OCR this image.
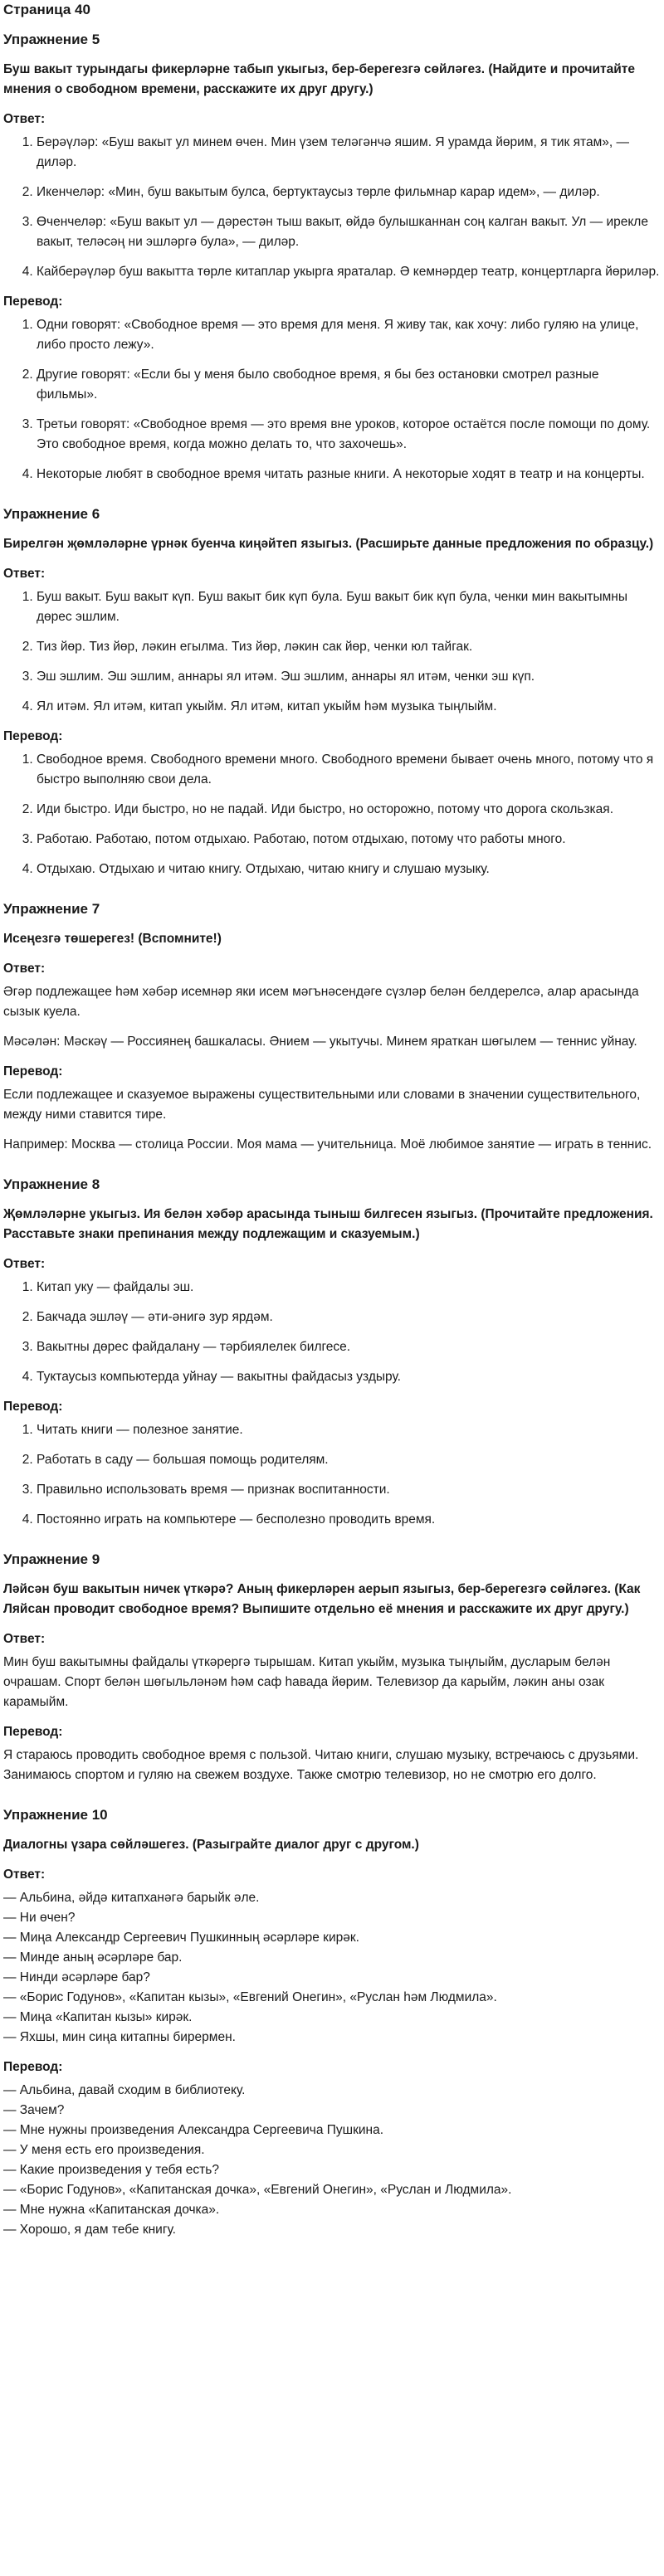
Страница 40
Упражнение 5
Буш вакыт турындагы фикерләрне табып укыгыз, бер-берегезгә сөйләгез. (Найдите и прочитайте мнения о свободном времени, расскажите их друг другу.)
Ответ:
1. Берәүләр: «Буш вакыт ул минем өчен. Мин үзем теләгәнчә яшим. Я урамда йөрим, я тик ятам», — диләр.
2. Икенчеләр: «Мин, буш вакытым булса, бертуктаусыз төрле фильмнар карар идем», — диләр.
3. Өченчеләр: «Буш вакыт ул — дәрестән тыш вакыт, өйдә булышканнан соң калган вакыт. Ул — ирекле вакыт, теләсәң ни эшләргә була», — диләр.
4. Кайберәүләр буш вакытта төрле китаплар укырга яраталар. Ә кемнәрдер театр, концертларга йөриләр.
Перевод:
1. Одни говорят: «Свободное время — это время для меня. Я живу так, как хочу: либо гуляю на улице, либо просто лежу».
2. Другие говорят: «Если бы у меня было свободное время, я бы без остановки смотрел разные фильмы».
3. Третьи говорят: «Свободное время — это время вне уроков, которое остаётся после помощи по дому. Это свободное время, когда можно делать то, что захочешь».
4. Некоторые любят в свободное время читать разные книги. А некоторые ходят в театр и на концерты.
Упражнение 6
Бирелгән җөмләләрне үрнәк буенча киңәйтеп языгыз. (Расширьте данные предложения по образцу.)
Ответ:
1. Буш вакыт. Буш вакыт күп. Буш вакыт бик күп була. Буш вакыт бик күп була, ченки мин вакытымны дөрес эшлим.
2. Тиз йөр. Тиз йөр, ләкин егылма. Тиз йөр, ләкин сак йөр, ченки юл тайгак.
3. Эш эшлим. Эш эшлим, аннары ял итәм. Эш эшлим, аннары ял итәм, ченки эш күп.
4. Ял итәм. Ял итәм, китап укыйм. Ял итәм, китап укыйм һәм музыка тыңлыйм.
Перевод:
1. Свободное время. Свободного времени много. Свободного времени бывает очень много, потому что я быстро выполняю свои дела.
2. Иди быстро. Иди быстро, но не падай. Иди быстро, но осторожно, потому что дорога скользкая.
3. Работаю. Работаю, потом отдыхаю. Работаю, потом отдыхаю, потому что работы много.
4. Отдыхаю. Отдыхаю и читаю книгу. Отдыхаю, читаю книгу и слушаю музыку.
Упражнение 7
Исеңезгә төшерегез! (Вспомните!)
Ответ:

Әгәр подлежащее һәм хәбәр исемнәр яки исем мәгънәсендәге сүзләр белән белдерелсә, алар арасында сызык куела.

Мәсәлән: Мәскәү — Россиянең башкаласы. Әнием — укытучы. Минем яраткан шөгылем — теннис уйнау.

Перевод:

Если подлежащее и сказуемое выражены существительными или словами в значении существительного, между ними ставится тире.

Например: Москва — столица России. Моя мама — учительница. Моё любимое занятие — играть в теннис.

Упражнение 8
Җөмләләрне укыгыз. Ия белән хәбәр арасында тыныш билгесен языгыз. (Прочитайте предложения. Расставьте знаки препинания между подлежащим и сказуемым.)
Ответ:
1. Китап уку — файдалы эш.
2. Бакчада эшләү — әти-әнигә зур ярдәм.
3. Вакытны дөрес файдалану — тәрбиялелек билгесе.
4. Туктаусыз компьютерда уйнау — вакытны файдасыз уздыру.
Перевод:
1. Читать книги — полезное занятие.
2. Работать в саду — большая помощь родителям.
3. Правильно использовать время — признак воспитанности.
4. Постоянно играть на компьютере — бесполезно проводить время.
Упражнение 9
Ләйсән буш вакытын ничек үткәрә? Аның фикерләрен аерып языгыз, бер-берегезгә сөйләгез. (Как Ляйсан проводит свободное время? Выпишите отдельно её мнения и расскажите их друг другу.)
Ответ:

Мин буш вакытымны файдалы үткәрергә тырышам. Китап укыйм, музыка тыңлыйм, дусларым белән очрашам. Спорт белән шөгыльләнәм һәм саф һавада йөрим. Телевизор да карыйм, ләкин аны озак карамыйм.

Перевод:

Я стараюсь проводить свободное время с пользой. Читаю книги, слушаю музыку, встречаюсь с друзьями. Занимаюсь спортом и гуляю на свежем воздухе. Также смотрю телевизор, но не смотрю его долго.

Упражнение 10
Диалогны үзара сөйләшегез. (Разыграйте диалог друг с другом.)
Ответ:
— Альбина, әйдә китапханәгә барыйк әле.
— Ни өчен?
— Миңа Александр Сергеевич Пушкинның әсәрләре кирәк.
— Минде аның әсәрләре бар.
— Нинди әсәрләре бар?
— «Борис Годунов», «Капитан кызы», «Евгений Онегин», «Руслан һәм Людмила».
— Миңа «Капитан кызы» кирәк.
— Яхшы, мин сиңа китапны бирермен.
Перевод:
— Альбина, давай сходим в библиотеку.
— Зачем?
— Мне нужны произведения Александра Сергеевича Пушкина.
— У меня есть его произведения.
— Какие произведения у тебя есть?
— «Борис Годунов», «Капитанская дочка», «Евгений Онегин», «Руслан и Людмила».
— Мне нужна «Капитанская дочка».
— Хорошо, я дам тебе книгу.
